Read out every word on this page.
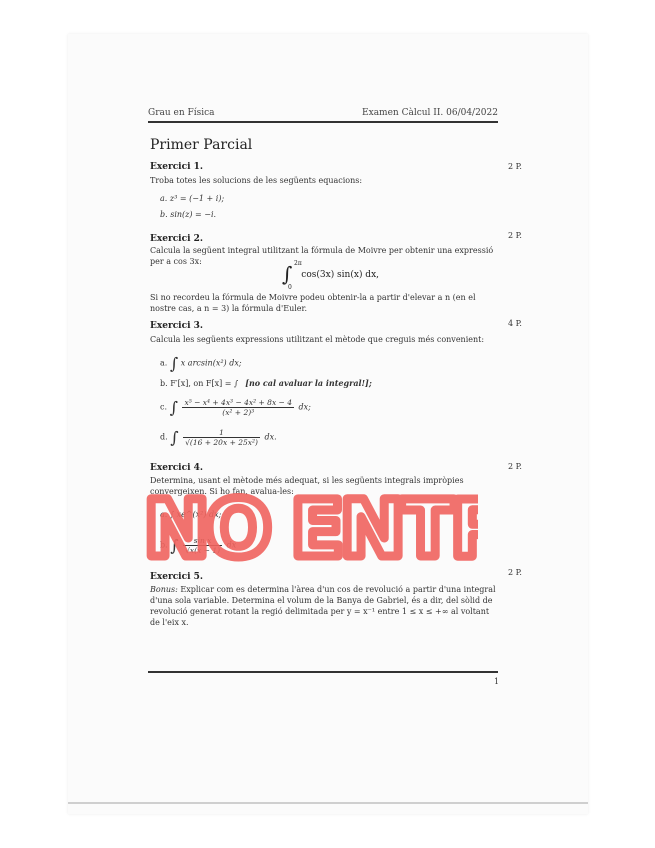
Grau en Física	Examen Càlcul II. 06/04/2022
Primer Parcial
Exercici 1.	2 P.
Troba totes les solucions de les següents equacions:
a. z³ = (−1 + i);
b. sin(z) = −i.
Exercici 2.	2 P.
Calcula la següent integral utilitzant la fórmula de Moivre per obtenir una expressió per a cos 3x:
∫ 2π
0
cos(3x) sin(x) dx,
Si no recordeu la fórmula de Moivre podeu obtenir-la a partir d'elevar a n (en el nostre cas, a n = 3) la fórmula d'Euler.
Exercici 3.	4 P.
Calcula les següents expressions utilitzant el mètode que creguis més convenient:
a. ∫ x arcsin(x²) dx;
b. F′[x], on F[x] = ∫ [no cal avaluar la integral!];
c. ∫ $\frac{\text{x⁵ − x⁴ + 4x³ − 4x² + 8x − 4}}{\text{(x² + 2)³}}$ dx;
d. ∫ $\frac{1}{\text{√(16 + 20x + 25x²)}}$ dx.
Exercici 4.	2 P.
Determina, usant el mètode més adequat, si les següents integrals impròpies convergeixen. Si ho fan, avalua-les:
a. ∫ xe^(x²) dx;
b. ∫ $\frac{\text{sin x}}{√x(x - 1)}$ dx
Exercici 5.	2 P.
Bonus: Explicar com es determina l'àrea d'un cos de revolució a partir d'una integral d'una sola variable. Determina el volum de la Banya de Gabriel, és a dir, del sòlid de revolució generat rotant la regió delimitada per y = x⁻¹ entre 1 ≤ x ≤ +∞ al voltant de l'eix x.
NO ENT
1
